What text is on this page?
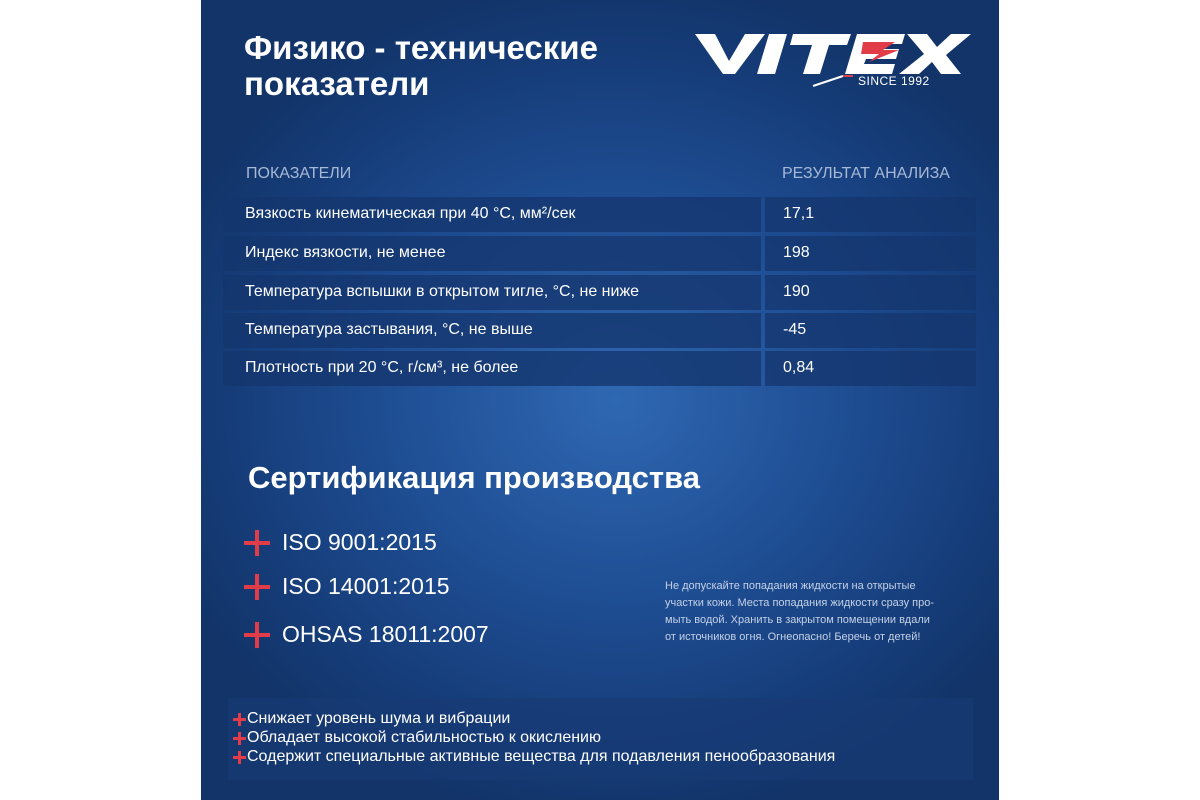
Физико - технические
показатели	SINCE 1992
ПОКАЗАТЕЛИ	РЕЗУЛЬТАТ АНАЛИЗА
Вязкость кинематическая при 40 °С, мм²/сек	17,1
Индекс вязкости, не менее	198
Температура вспышки в открытом тигле, °С, не ниже	190
Температура застывания, °С, не выше	-45
Плотность при 20 °С, г/см³, не более	0,84
Сертификация производства
ISO 9001:2015
ISO 14001:2015
OHSAS 18011:2007
Не допускайте попадания жидкости на открытые
участки кожи. Места попадания жидкости сразу про-
мыть водой. Хранить в закрытом помещении вдали
от источников огня. Огнеопасно! Беречь от детей!
Снижает уровень шума и вибрации
Обладает высокой стабильностью к окислению
Содержит специальные активные вещества для подавления пенообразования
